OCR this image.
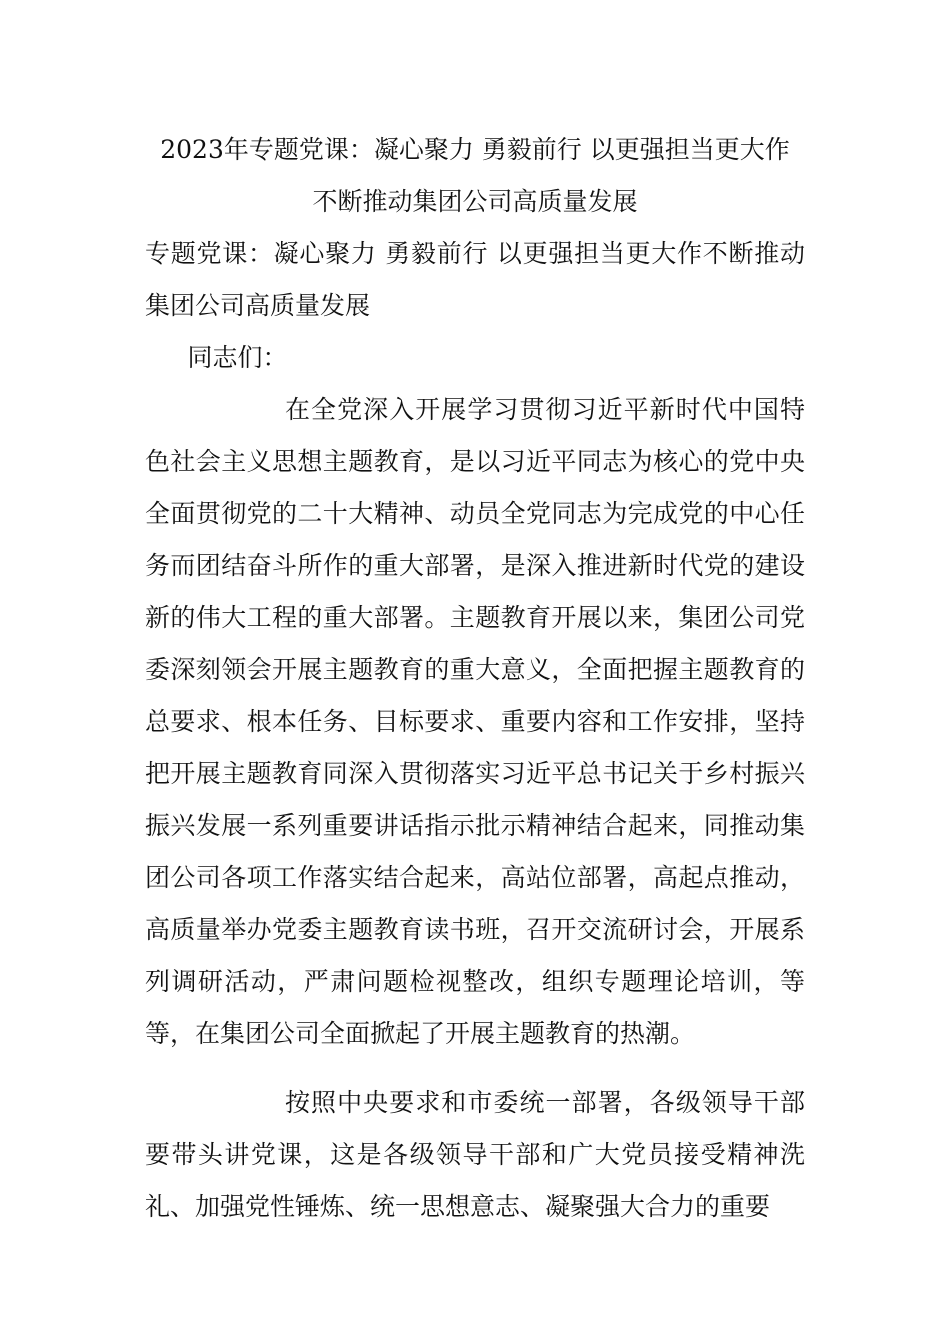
2023年专题党课：凝心聚力 勇毅前行 以更强担当更大作
不断推动集团公司高质量发展

专题党课：凝心聚力 勇毅前行 以更强担当更大作不断推动集团公司高质量发展

同志们：

在全党深入开展学习贯彻习近平新时代中国特色社会主义思想主题教育，是以习近平同志为核心的党中央全面贯彻党的二十大精神、动员全党同志为完成党的中心任务而团结奋斗所作的重大部署，是深入推进新时代党的建设新的伟大工程的重大部署。主题教育开展以来，集团公司党委深刻领会开展主题教育的重大意义，全面把握主题教育的总要求、根本任务、目标要求、重要内容和工作安排，坚持把开展主题教育同深入贯彻落实习近平总书记关于乡村振兴振兴发展一系列重要讲话指示批示精神结合起来，同推动集团公司各项工作落实结合起来，高站位部署，高起点推动，高质量举办党委主题教育读书班，召开交流研讨会，开展系列调研活动，严肃问题检视整改，组织专题理论培训，等等，在集团公司全面掀起了开展主题教育的热潮。

按照中央要求和市委统一部署，各级领导干部要带头讲党课，这是各级领导干部和广大党员接受精神洗礼、加强党性锤炼、统一思想意志、凝聚强大合力的重要
